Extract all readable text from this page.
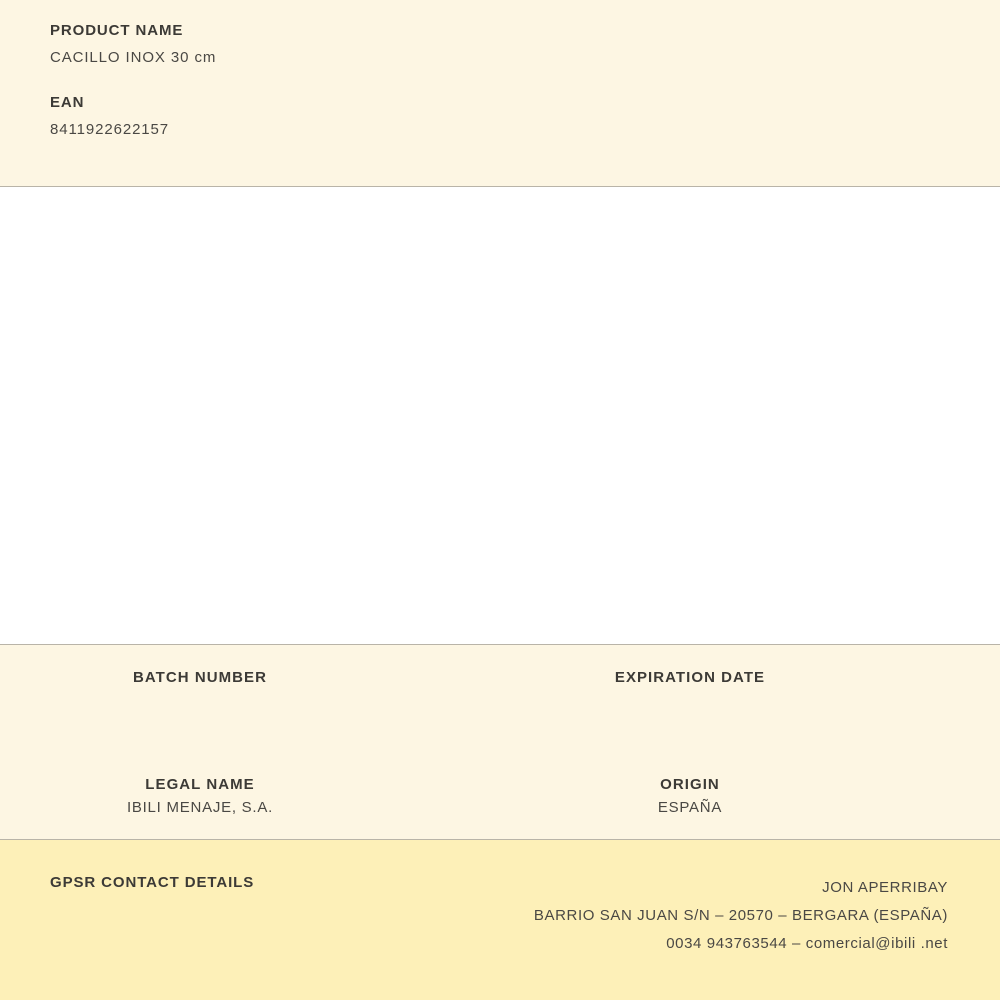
PRODUCT NAME

CACILLO INOX 30 cm

EAN

8411922622157

BATCH NUMBER	EXPIRATION DATE

LEGAL NAME

IBILI MENAJE, S.A.

ORIGIN

ESPAÑA

GPSR CONTACT DETAILS	JON APERRIBAY
BARRIO SAN JUAN S/N – 20570 – BERGARA (ESPAÑA)
0034 943763544 – comercial@ibili .net
